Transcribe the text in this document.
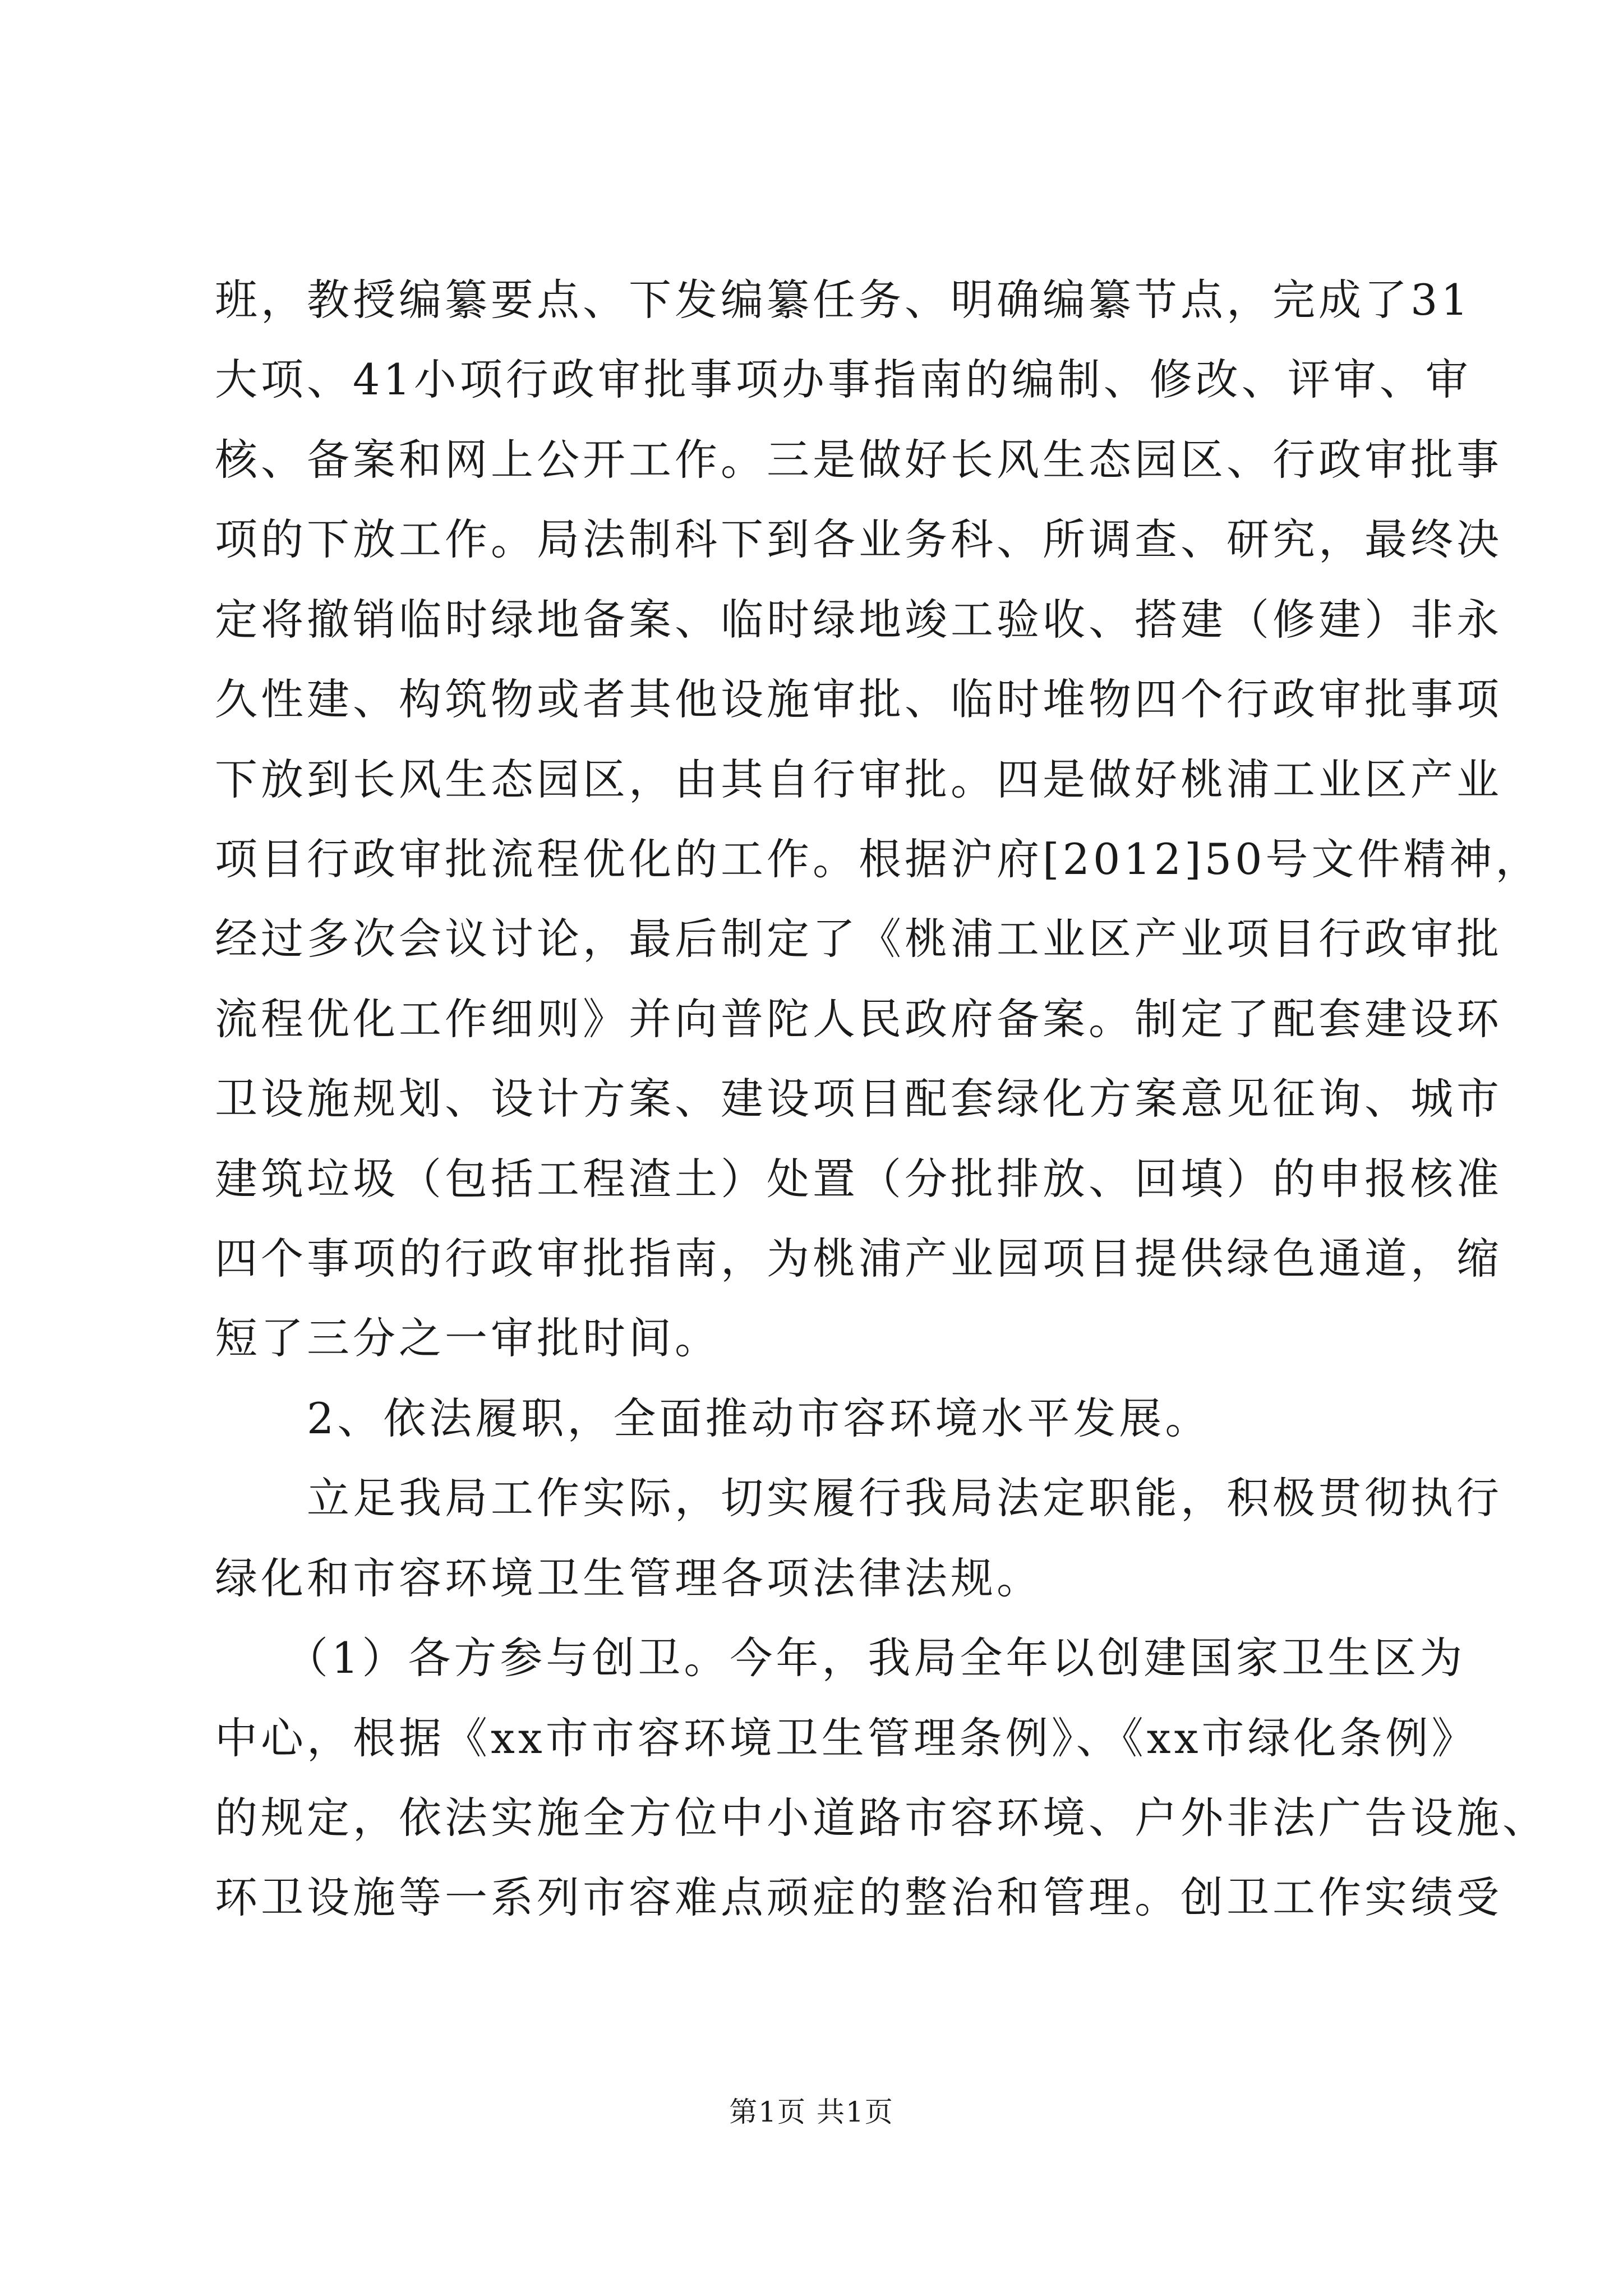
班，教授编纂要点、下发编纂任务、明确编纂节点，完成了31
大项、41小项行政审批事项办事指南的编制、修改、评审、审
核、备案和网上公开工作。三是做好长风生态园区、行政审批事
项的下放工作。局法制科下到各业务科、所调查、研究，最终决
定将撤销临时绿地备案、临时绿地竣工验收、搭建（修建）非永
久性建、构筑物或者其他设施审批、临时堆物四个行政审批事项
下放到长风生态园区，由其自行审批。四是做好桃浦工业区产业
项目行政审批流程优化的工作。根据沪府[2012]50号文件精神，
经过多次会议讨论，最后制定了《桃浦工业区产业项目行政审批
流程优化工作细则》并向普陀人民政府备案。制定了配套建设环
卫设施规划、设计方案、建设项目配套绿化方案意见征询、城市
建筑垃圾（包括工程渣土）处置（分批排放、回填）的申报核准
四个事项的行政审批指南，为桃浦产业园项目提供绿色通道，缩
短了三分之一审批时间。
　　2、依法履职，全面推动市容环境水平发展。
　　立足我局工作实际，切实履行我局法定职能，积极贯彻执行
绿化和市容环境卫生管理各项法律法规。
　　（1）各方参与创卫。今年，我局全年以创建国家卫生区为
中心，根据《xx市市容环境卫生管理条例》、《xx市绿化条例》
的规定，依法实施全方位中小道路市容环境、户外非法广告设施、
环卫设施等一系列市容难点顽症的整治和管理。创卫工作实绩受
第1页 共1页
